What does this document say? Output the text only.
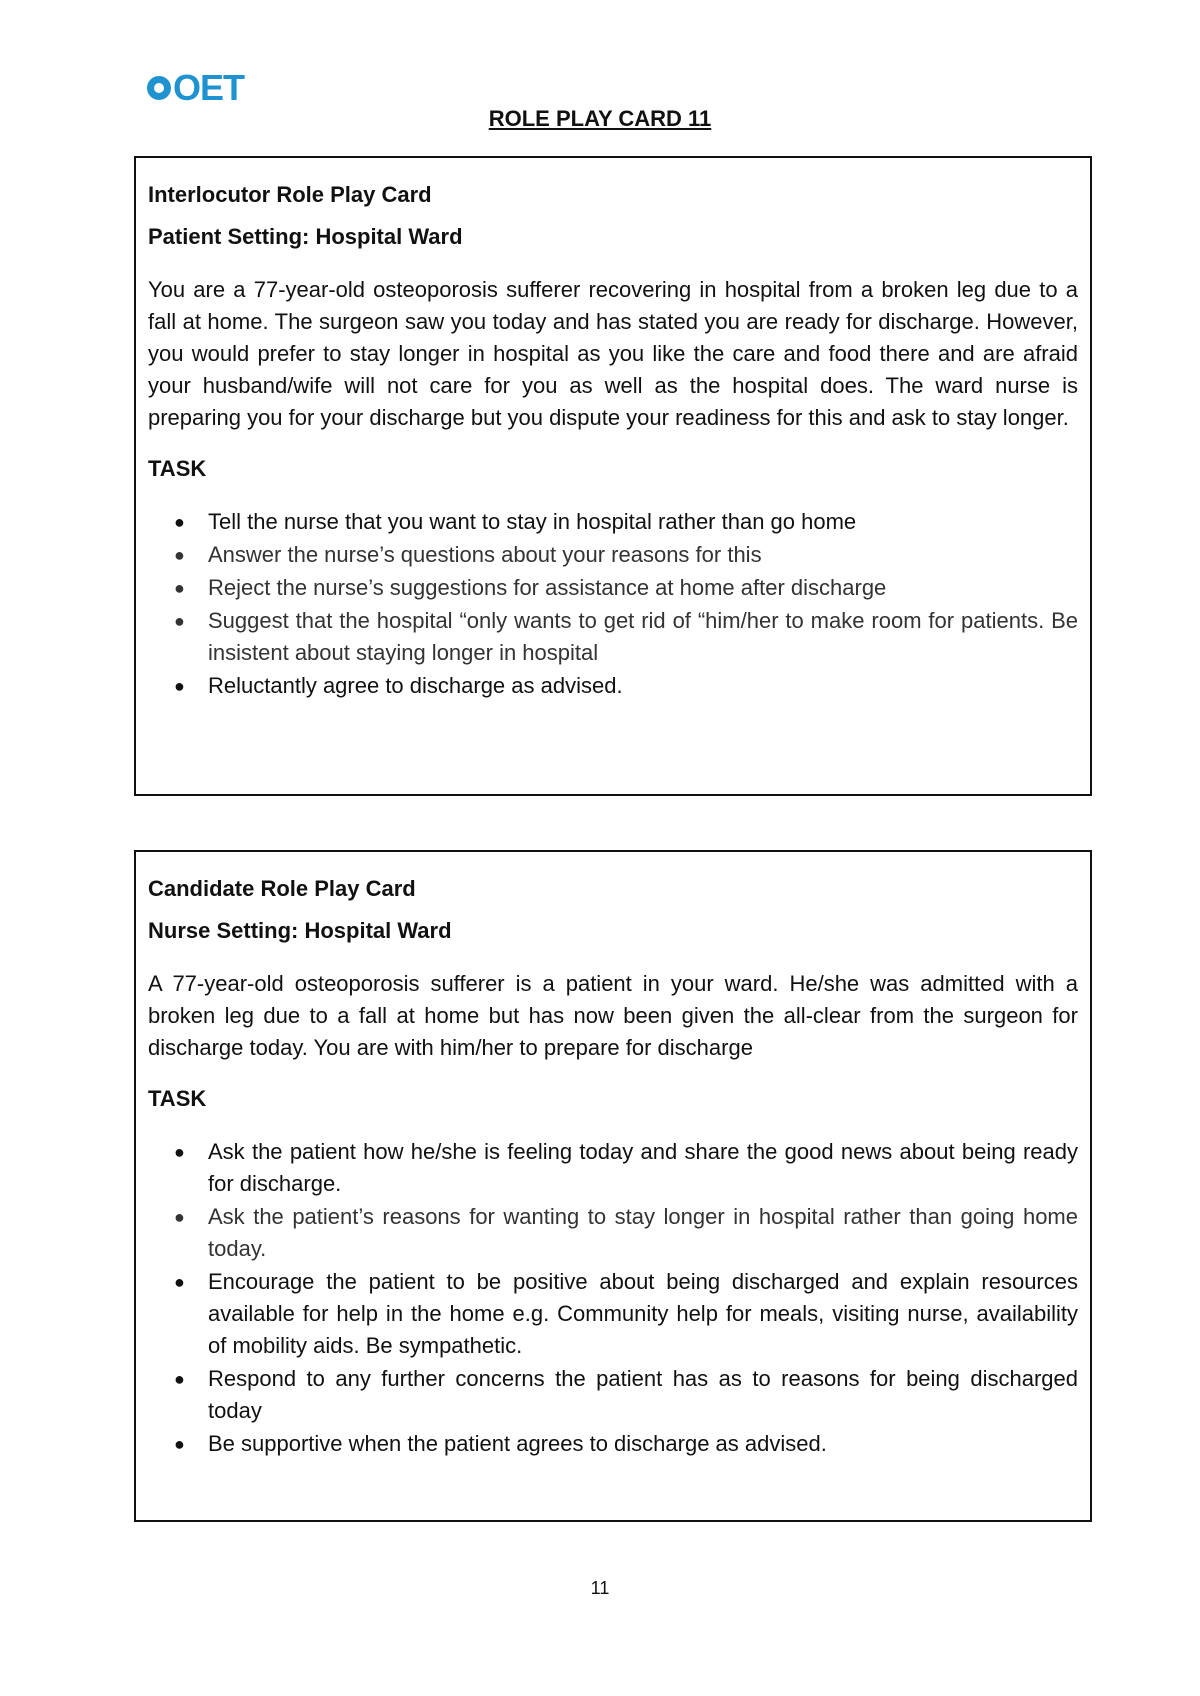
OET
ROLE PLAY CARD 11

Interlocutor Role Play Card

Patient Setting: Hospital Ward

You are a 77-year-old osteoporosis sufferer recovering in hospital from a broken leg due to a fall at home. The surgeon saw you today and has stated you are ready for discharge. However, you would prefer to stay longer in hospital as you like the care and food there and are afraid your husband/wife will not care for you as well as the hospital does. The ward nurse is preparing you for your discharge but you dispute your readiness for this and ask to stay longer.

TASK

● Tell the nurse that you want to stay in hospital rather than go home
● Answer the nurse’s questions about your reasons for this
● Reject the nurse’s suggestions for assistance at home after discharge
● Suggest that the hospital “only wants to get rid of “him/her to make room for patients. Be insistent about staying longer in hospital
● Reluctantly agree to discharge as advised.

Candidate Role Play Card

Nurse Setting: Hospital Ward

A 77-year-old osteoporosis sufferer is a patient in your ward. He/she was admitted with a broken leg due to a fall at home but has now been given the all-clear from the surgeon for discharge today. You are with him/her to prepare for discharge

TASK

● Ask the patient how he/she is feeling today and share the good news about being ready for discharge.
● Ask the patient’s reasons for wanting to stay longer in hospital rather than going home today.
● Encourage the patient to be positive about being discharged and explain resources available for help in the home e.g. Community help for meals, visiting nurse, availability of mobility aids. Be sympathetic.
● Respond to any further concerns the patient has as to reasons for being discharged today
● Be supportive when the patient agrees to discharge as advised.
11
